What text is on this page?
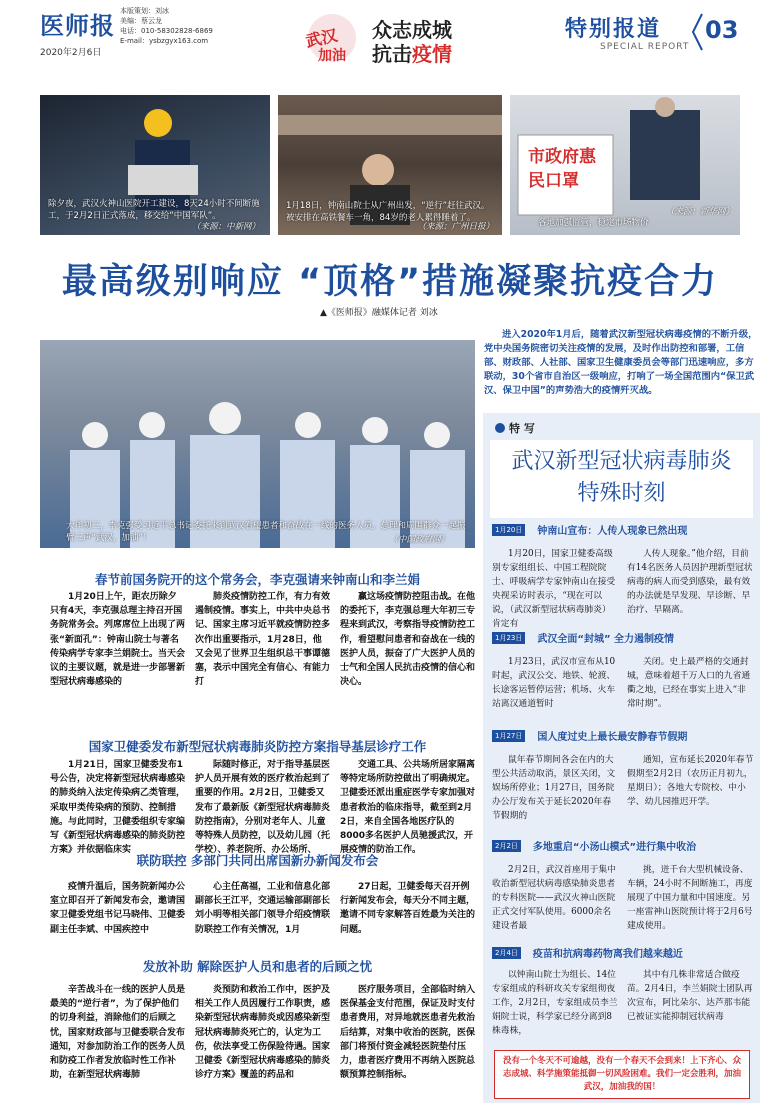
医师报
2020年2月6日
本版策划：刘冰
美编：蔡云龙
电话：010-58302828-6869
E-mail：ysbzgyx163.com	武汉
加油
众志成城
抗击疫情
特别报道
SPECIAL REPORT
03
除夕夜，武汉火神山医院开工建设，8天24小时不间断施工，于2月2日正式落成，移交给“中国军队”。
（来源：中新网）
1月18日，钟南山院士从广州出发，“逆行”赶往武汉。被安排在高铁餐车一角，84岁的老人累得睡着了。
（来源：广州日报）
市政府惠民口罩
各地加强监管，稳定市场物价
（来源：新华网）
最高级别响应 “顶格”措施凝聚抗疫合力
▲《医师报》融媒体记者 刘冰
进入2020年1月后，随着武汉新型冠状病毒疫情的不断升级，党中央国务院密切关注疫情的发展，及时作出防控和部署，工信部、财政部、人社部、国家卫生健康委员会等部门迅速响应，多方联动，30个省市自治区一级响应，打响了一场全国范围内“保卫武汉、保卫中国”的声势浩大的疫情歼灭战。
大年初三，李克强受习近平总书记委托来到武汉看望患者和奋战在一线的医务人员。总理和周围群众一起振臂三声“武汉，加油”！	（中国政府网）
春节前国务院开的这个常务会，李克强请来钟南山和李兰娟

1月20日上午，距农历除夕只有4天，李克强总理主持召开国务院常务会。列席席位上出现了两张“新面孔”：钟南山院士与著名传染病学专家李兰娟院士。当天会议的主要议题，就是进一步部署新型冠状病毒感染的

肺炎疫情防控工作，有力有效遏制疫情。事实上，中共中央总书记、国家主席习近平就疫情防控多次作出重要指示，1月28日，他又会见了世界卫生组织总干事谭德塞，表示中国完全有信心、有能力打

赢这场疫情防控阻击战。在他的委托下，李克强总理大年初三专程来到武汉，考察指导疫情防控工作，看望慰问患者和奋战在一线的医护人员，振奋了广大医护人员的士气和全国人民抗击疫情的信心和决心。

国家卫健委发布新型冠状病毒肺炎防控方案指导基层诊疗工作

1月21日，国家卫健委发布1号公告，决定将新型冠状病毒感染的肺炎纳入法定传染病乙类管理，采取甲类传染病的预防、控制措施。与此同时，卫健委组织专家编写《新型冠状病毒感染的肺炎防控方案》并依据临床实

际随时修正，对于指导基层医护人员开展有效的医疗救治起到了重要的作用。2月2日，卫健委又发布了最新版《新型冠状病毒肺炎防控指南》，分别对老年人、儿童等特殊人员防控，以及幼儿园（托学校）、养老院所、办公场所、

交通工具、公共场所居家隔离等特定场所防控做出了明确规定。卫健委还派出重症医学专家加强对患者救治的临床指导，截至到2月2日，来自全国各地医疗队的8000多名医护人员驰援武汉，开展疫情的防治工作。

联防联控 多部门共同出席国新办新闻发布会

疫情升温后，国务院新闻办公室立即召开了新闻发布会，邀请国家卫健委党组书记马晓伟、卫健委副主任李斌、中国疾控中

心主任高福，工业和信息化部副部长王江平，交通运输部副部长刘小明等相关部门领导介绍疫情联防联控工作有关情况，1月

27日起，卫健委每天召开例行新闻发布会，每天分不同主题，邀请不同专家解答百姓最为关注的问题。

发放补助 解除医护人员和患者的后顾之忧

辛苦战斗在一线的医护人员是最美的“逆行者”，为了保护他们的切身利益，消除他们的后顾之忧，国家财政部与卫健委联合发布通知，对参加防治工作的医务人员和防疫工作者发放临时性工作补助，在新型冠状病毒肺

炎预防和救治工作中，医护及相关工作人员因履行工作职责，感染新型冠状病毒肺炎或因感染新型冠状病毒肺炎死亡的，认定为工伤，依法享受工伤保险待遇。国家卫健委《新型冠状病毒感染的肺炎诊疗方案》覆盖的药品和

医疗服务项目，全部临时纳入医保基金支付范围，保证及时支付患者费用，对异地就医患者先救治后结算，对集中收治的医院，医保部门将预付资金减轻医院垫付压力，患者医疗费用不再纳入医院总额预算控制指标。

特 写
武汉新型冠状病毒肺炎
特殊时刻
1月20日	钟南山宣布：人传人现象已然出现

1月20日，国家卫健委高级别专家组组长、中国工程院院士、呼吸病学专家钟南山在接受央视采访时表示，“现在可以说，（武汉新型冠状病毒肺炎）肯定有

人传人现象。”他介绍，目前有14名医务人员因护理新型冠状病毒的病人而受到感染，最有效的办法就是早发现、早诊断、早治疗、早隔离。

1月23日	武汉全面“封城” 全力遏制疫情

1月23日，武汉市宣布从10时起，武汉公交、地铁、轮渡、长途客运暂停运营；机场、火车站离汉通道暂时

关闭。史上最严格的交通封城，意味着超千万人口的九省通衢之地，已经在事实上进入“非常时期”。

1月27日	国人度过史上最长最安静春节假期

鼠年春节期间各会在内的大型公共活动取消，景区关闭，文娱场所停业；1月27日，国务院办公厅发布关于延长2020年春节假期的

通知，宣布延长2020年春节假期至2月2日（农历正月初九，星期日）；各地大专院校、中小学、幼儿园推迟开学。

2月2日	多地重启“小汤山模式”进行集中收治

2月2日，武汉首座用于集中收治新型冠状病毒感染肺炎患者的专科医院——武汉火神山医院正式交付军队使用。6000余名建设者最

挑，迸千台大型机械设备、车辆，24小时不间断施工，再度展现了中国力量和中国速度。另一座雷神山医院预计将于2月6号建成使用。

2月4日	疫苗和抗病毒药物离我们越来越近

以钟南山院士为组长、14位专家组成的科研攻关专家组彻夜工作，2月2日，专家组成员李兰娟院士说，科学家已经分离到8株毒株，

其中有几株非常适合做疫苗。2月4日，李兰娟院士团队再次宣布，阿比朵尔、达芦那韦能已被证实能抑制冠状病毒

没有一个冬天不可逾越，没有一个春天不会到来！上下齐心、众志成城、科学施策能抵御一切风险困难。我们一定会胜利，加油武汉，加油我的国！
